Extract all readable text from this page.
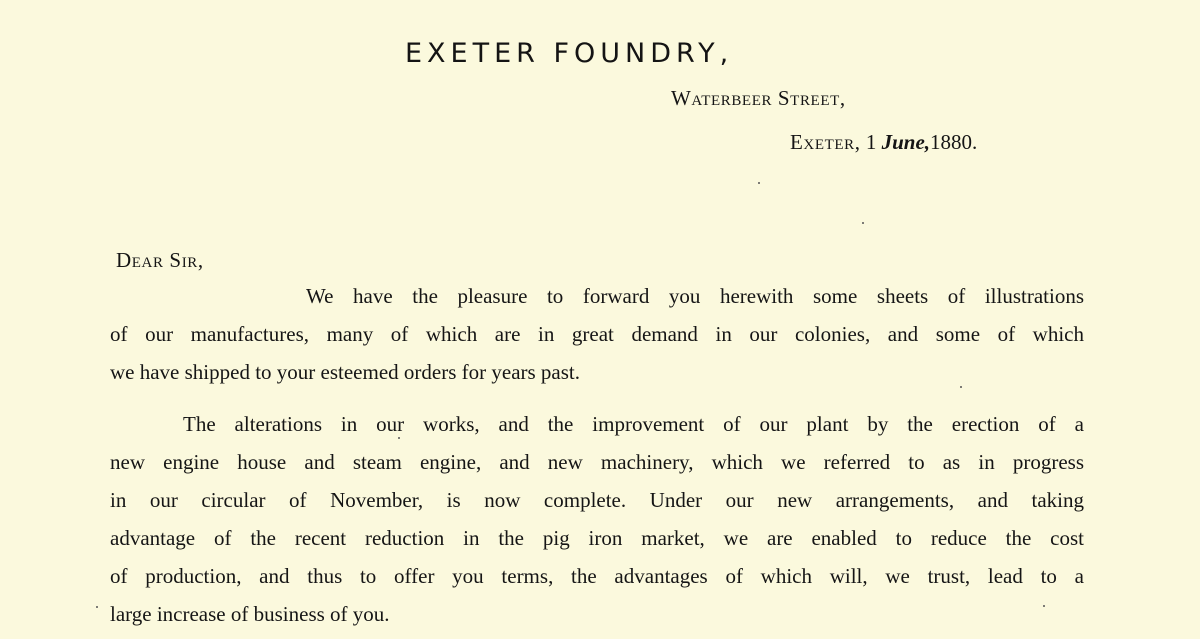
EXETER FOUNDRY,
Waterbeer Street,
Exeter, 1 June,1880.
Dear Sir,
We have the pleasure to forward you herewith some sheets of illustrations
of our manufactures, many of which are in great demand in our colonies, and some of which
we have shipped to your esteemed orders for years past.
The alterations in our works, and the improvement of our plant by the erection of a
new engine house and steam engine, and new machinery, which we referred to as in progress
in our circular of November, is now complete. Under our new arrangements, and taking
advantage of the recent reduction in the pig iron market, we are enabled to reduce the cost
of production, and thus to offer you terms, the advantages of which will, we trust, lead to a
large increase of business of you.
